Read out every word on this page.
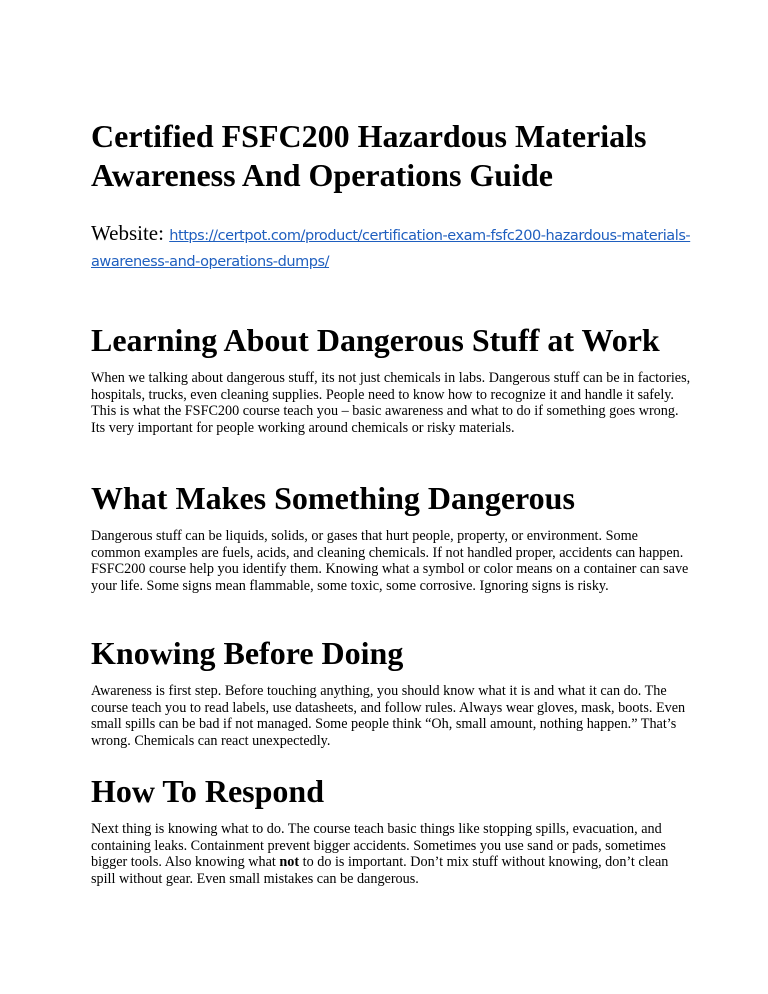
Certified FSFC200 Hazardous Materials Awareness And Operations Guide
Website: https://certpot.com/product/certification-exam-fsfc200-hazardous-materials-awareness-and-operations-dumps/
Learning About Dangerous Stuff at Work

When we talking about dangerous stuff, its not just chemicals in labs. Dangerous stuff can be in factories, hospitals, trucks, even cleaning supplies. People need to know how to recognize it and handle it safely. This is what the FSFC200 course teach you – basic awareness and what to do if something goes wrong. Its very important for people working around chemicals or risky materials.

What Makes Something Dangerous

Dangerous stuff can be liquids, solids, or gases that hurt people, property, or environment. Some common examples are fuels, acids, and cleaning chemicals. If not handled proper, accidents can happen. FSFC200 course help you identify them. Knowing what a symbol or color means on a container can save your life. Some signs mean flammable, some toxic, some corrosive. Ignoring signs is risky.

Knowing Before Doing

Awareness is first step. Before touching anything, you should know what it is and what it can do. The course teach you to read labels, use datasheets, and follow rules. Always wear gloves, mask, boots. Even small spills can be bad if not managed. Some people think “Oh, small amount, nothing happen.” That’s wrong. Chemicals can react unexpectedly.

How To Respond

Next thing is knowing what to do. The course teach basic things like stopping spills, evacuation, and containing leaks. Containment prevent bigger accidents. Sometimes you use sand or pads, sometimes bigger tools. Also knowing what not to do is important. Don’t mix stuff without knowing, don’t clean spill without gear. Even small mistakes can be dangerous.
